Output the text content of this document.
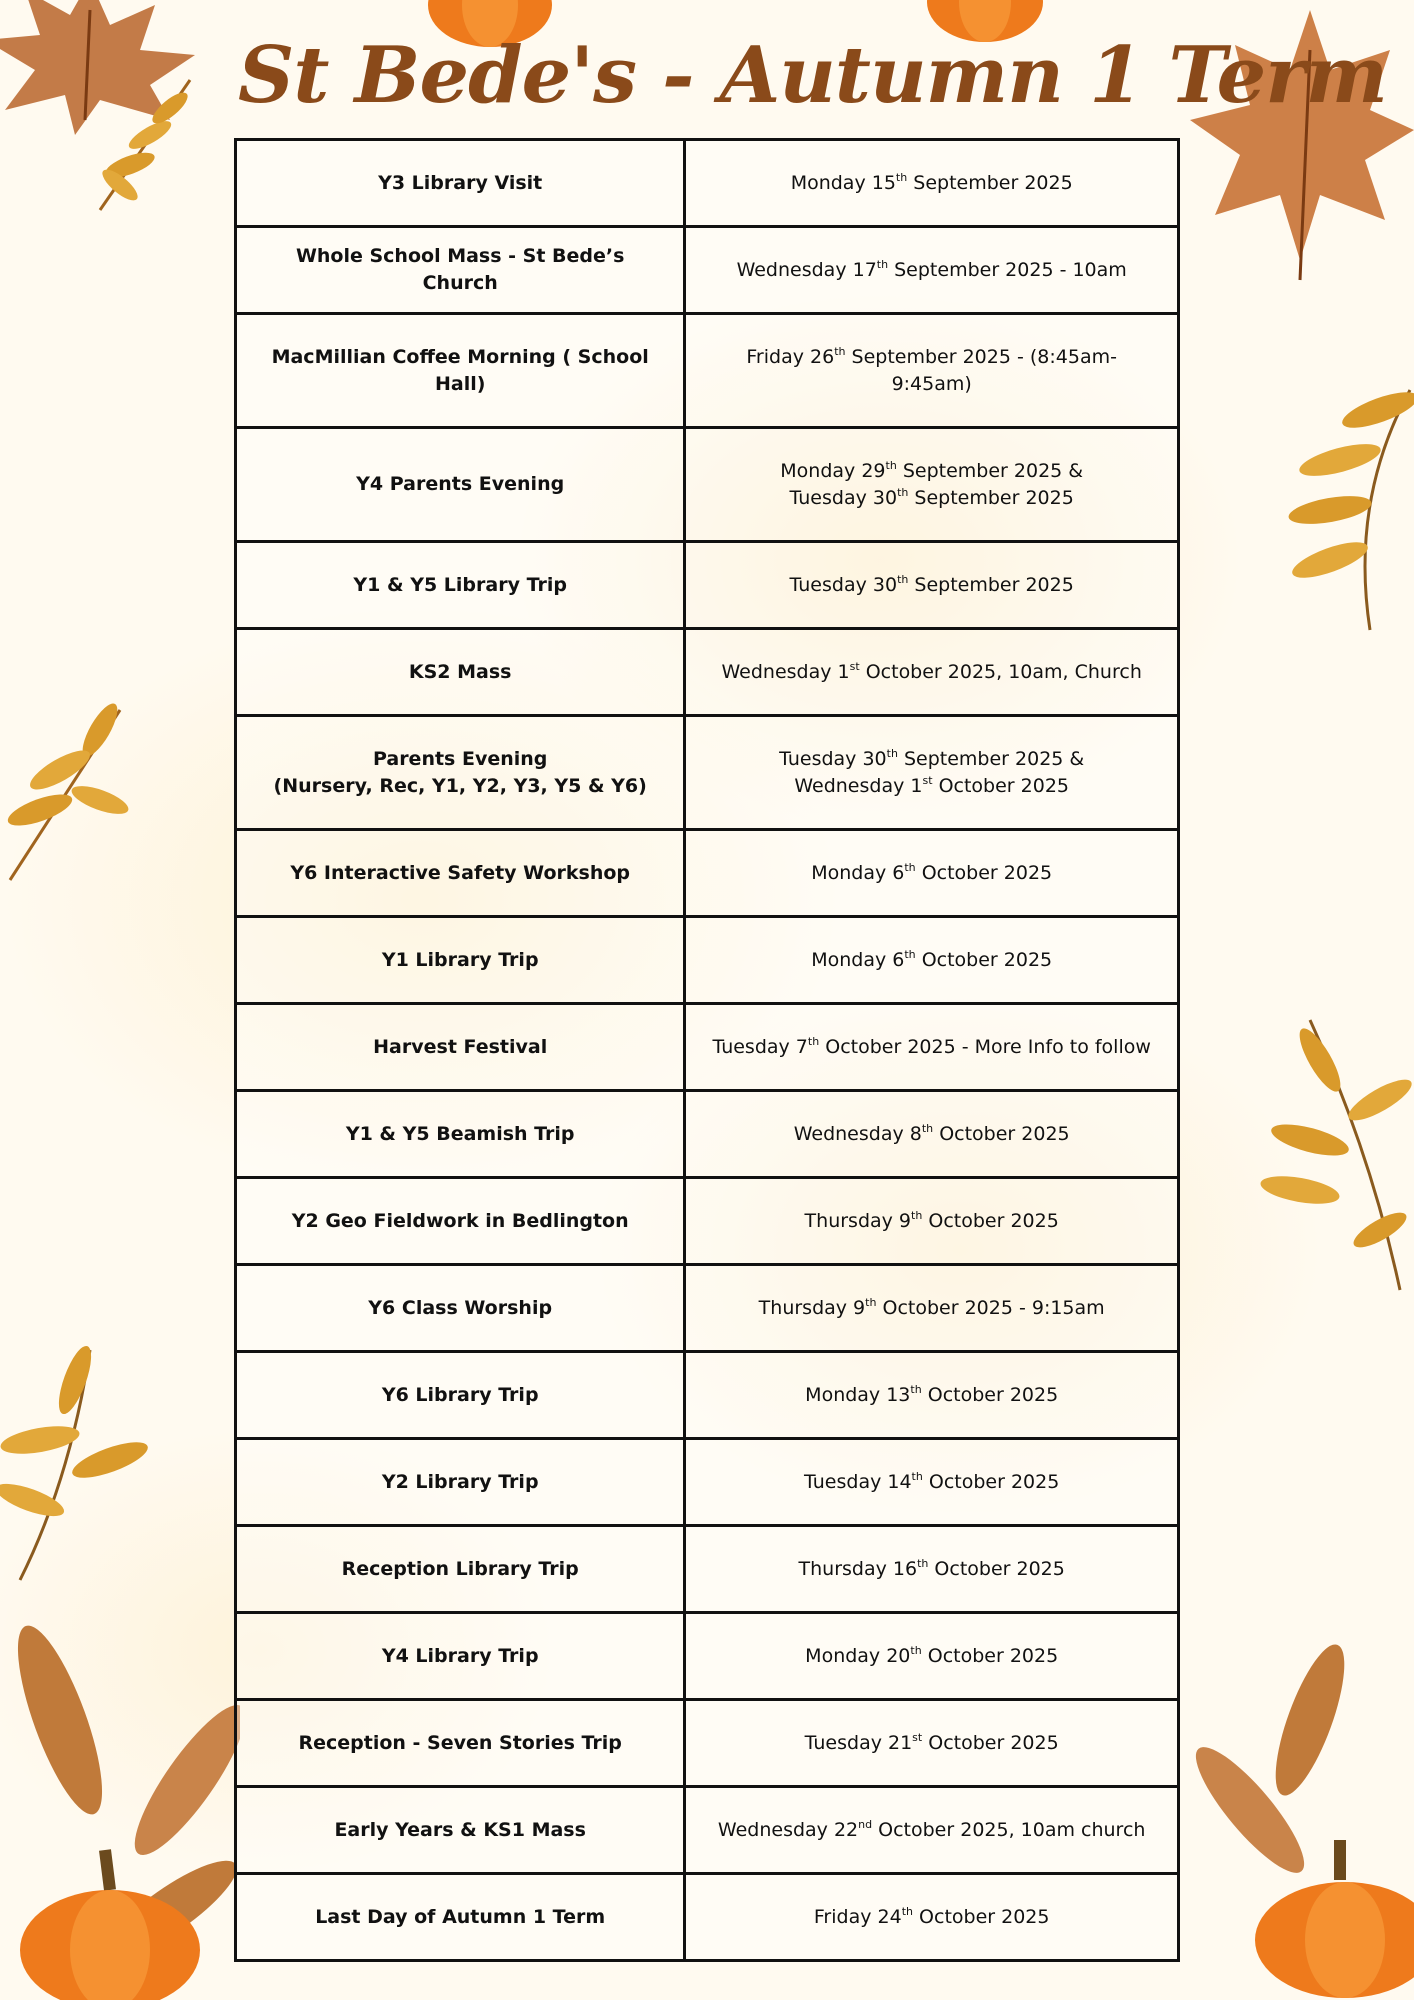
St Bede's - Autumn 1 Term
Y3 Library Visit	Monday 15th September 2025

Whole School Mass - St Bede’s Church	Wednesday 17th September 2025 - 10am

MacMillian Coffee Morning ( School Hall)	Friday 26th September 2025 - (8:45am-9:45am)

Y4 Parents Evening	Monday 29th September 2025 &
Tuesday 30th September 2025

Y1 & Y5 Library Trip	Tuesday 30th September 2025

KS2 Mass	Wednesday 1st October 2025, 10am, Church

Parents Evening
(Nursery, Rec, Y1, Y2, Y3, Y5 & Y6)	Tuesday 30th September 2025 &
Wednesday 1st October 2025

Y6 Interactive Safety Workshop	Monday 6th October 2025

Y1 Library Trip	Monday 6th October 2025

Harvest Festival	Tuesday 7th October 2025 - More Info to follow

Y1 & Y5 Beamish Trip	Wednesday 8th October 2025

Y2 Geo Fieldwork in Bedlington	Thursday 9th October 2025

Y6 Class Worship	Thursday 9th October 2025 - 9:15am

Y6 Library Trip	Monday 13th October 2025

Y2 Library Trip	Tuesday 14th October 2025

Reception Library Trip	Thursday 16th October 2025

Y4 Library Trip	Monday 20th October 2025

Reception - Seven Stories Trip	Tuesday 21st October 2025

Early Years & KS1 Mass	Wednesday 22nd October 2025, 10am church

Last Day of Autumn 1 Term	Friday 24th October 2025
